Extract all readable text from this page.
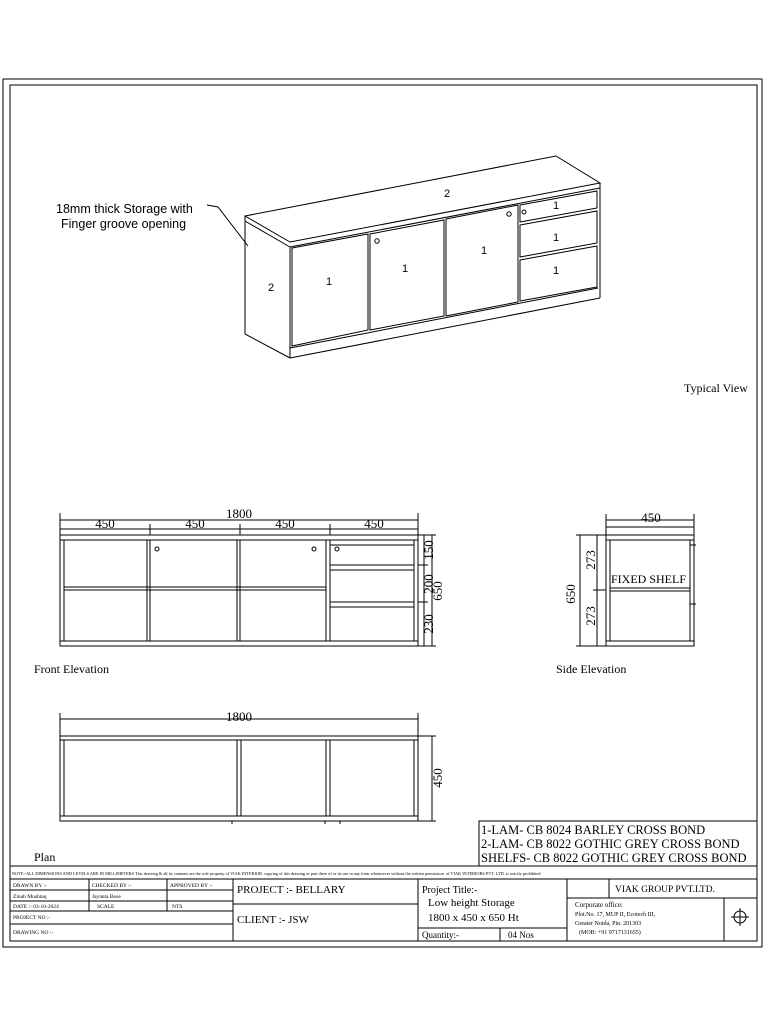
2
2	1
1
1
1
1
1
18mm thick Storage with
Finger groove opening
Typical View
1800
450	450	450	450
650
150
200
230
Front Elevation
450
650
273
273
FIXED SHELF
Side Elevation
1800
450
Plan
1-LAM- CB 8024 BARLEY CROSS BOND
2-LAM- CB 8022 GOTHIC GREY CROSS BOND
SHELFS- CB 8022 GOTHIC GREY CROSS BOND
NOTE:-ALL DIMENSIONS AND LEVELS ARE IN MILLIMETERS This drawing & all its contents are the sole property of VIAK INTERIOR. copying of this drawing or part there of or its use in any form whatsoever without the written permission. of VIAK INTERIORS PVT. LTD. is strictly prohibited
DRAWN BY :-	CHECKED BY :-	APPROVED BY :-
Zinab Mushtaq	Jayanta Bose
DATE :- 03-10-2024	SCALE	NTS
PROJECT NO :-
DRAWING NO :-
PROJECT :- BELLARY
CLIENT :- JSW
Project Title:-
Low height Storage
1800 x 450 x 650 Ht
Quantity:-	04 Nos
VIAK GROUP PVT.LTD.
Corporate office:
Plot.No. 17, MUP II, Ecotech III,
Greater Noida, Pin. 201303
(MOB: +91 9717131655)
